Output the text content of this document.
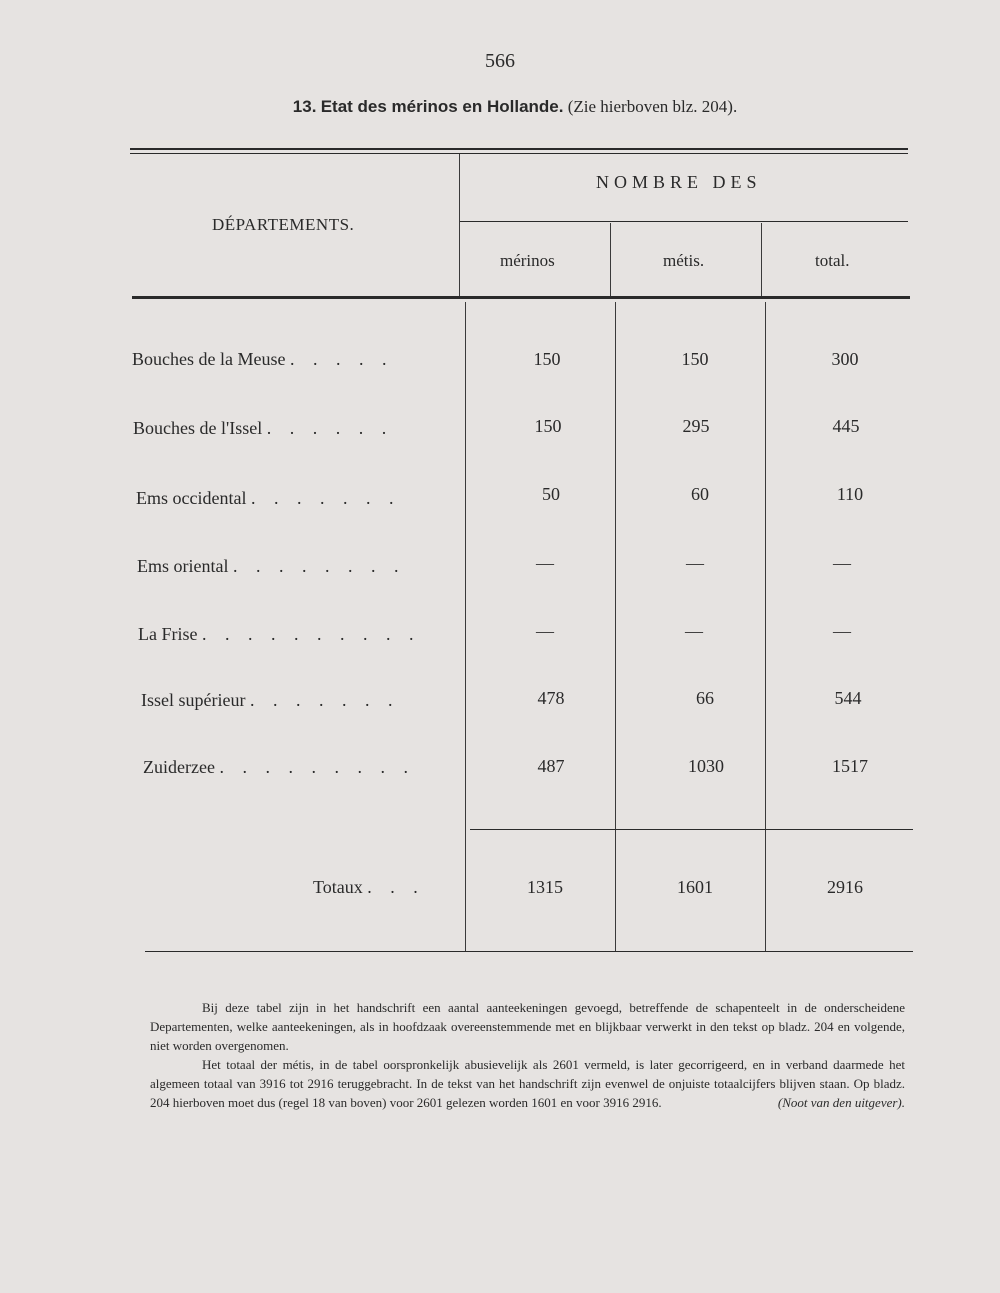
566
13. Etat des mérinos en Hollande. (Zie hierboven blz. 204).
DÉPARTEMENTS.
NOMBRE DES
mérinos	métis.	total.
Bouches de la Meuse . . . . .	150	150	300
Bouches de l'Issel . . . . . .	150	295	445
Ems occidental . . . . . . .	50	60	110
Ems oriental . . . . . . . .	—	—	—
La Frise . . . . . . . . . .	—	—	—
Issel supérieur . . . . . . .	478	66	544
Zuiderzee . . . . . . . . .	487	1030	1517
Totaux . . .	1315	1601	2916

Bij deze tabel zijn in het handschrift een aantal aanteekeningen gevoegd, betreffende de schapenteelt in de onderscheidene Departementen, welke aanteekeningen, als in hoofdzaak overeenstemmende met en blijkbaar verwerkt in den tekst op bladz. 204 en volgende, niet worden overgenomen.

Het totaal der métis, in de tabel oorspronkelijk abusievelijk als 2601 vermeld, is later gecorrigeerd, en in verband daarmede het algemeen totaal van 3916 tot 2916 teruggebracht. In de tekst van het handschrift zijn evenwel de onjuiste totaalcijfers blijven staan. Op bladz. 204 hierboven moet dus (regel 18 van boven) voor 2601 gelezen worden 1601 en voor 3916 2916.	(Noot van den uitgever).
